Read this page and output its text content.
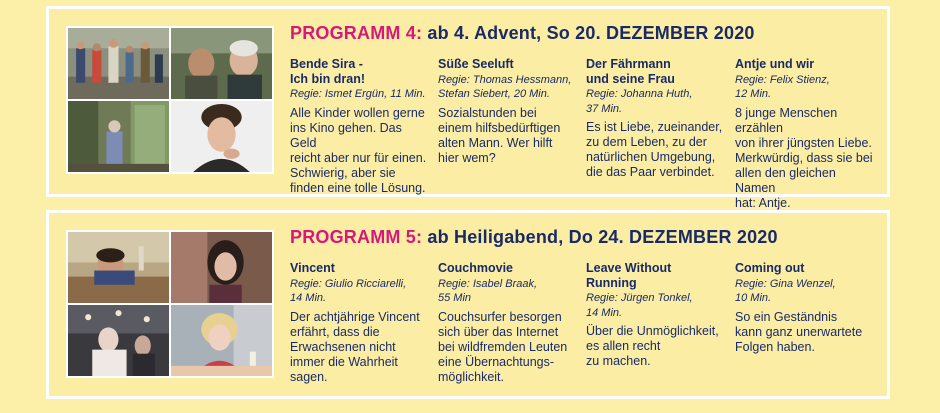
PROGRAMM 4: ab 4. Advent, So 20. DEZEMBER 2020
Bende Sira -
Ich bin dran!
Regie: Ismet Ergün, 11 Min.
Alle Kinder wollen gerne
ins Kino gehen. Das Geld
reicht aber nur für einen.
Schwierig, aber sie
finden eine tolle Lösung.
Süße Seeluft
Regie: Thomas Hessmann,
Stefan Siebert, 20 Min.
Sozialstunden bei
einem hilfsbedürftigen
alten Mann. Wer hilft
hier wem?
Der Fährmann
und seine Frau
Regie: Johanna Huth,
37 Min.
Es ist Liebe, zueinander,
zu dem Leben, zu der
natürlichen Umgebung,
die das Paar verbindet.
Antje und wir
Regie: Felix Stienz,
12 Min.
8 junge Menschen erzählen
von ihrer jüngsten Liebe.
Merkwürdig, dass sie bei
allen den gleichen Namen
hat: Antje.
PROGRAMM 5: ab Heiligabend, Do 24. DEZEMBER 2020
Vincent
Regie: Giulio Ricciarelli,
14 Min.
Der achtjährige Vincent
erfährt, dass die
Erwachsenen nicht
immer die Wahrheit
sagen.
Couchmovie
Regie: Isabel Braak,
55 Min
Couchsurfer besorgen
sich über das Internet
bei wildfremden Leuten
eine Übernachtungs-
möglichkeit.
Leave Without
Running
Regie: Jürgen Tonkel,
14 Min.
Über die Unmöglichkeit,
es allen recht
zu machen.
Coming out
Regie: Gina Wenzel,
10 Min.
So ein Geständnis
kann ganz unerwartete
Folgen haben.
